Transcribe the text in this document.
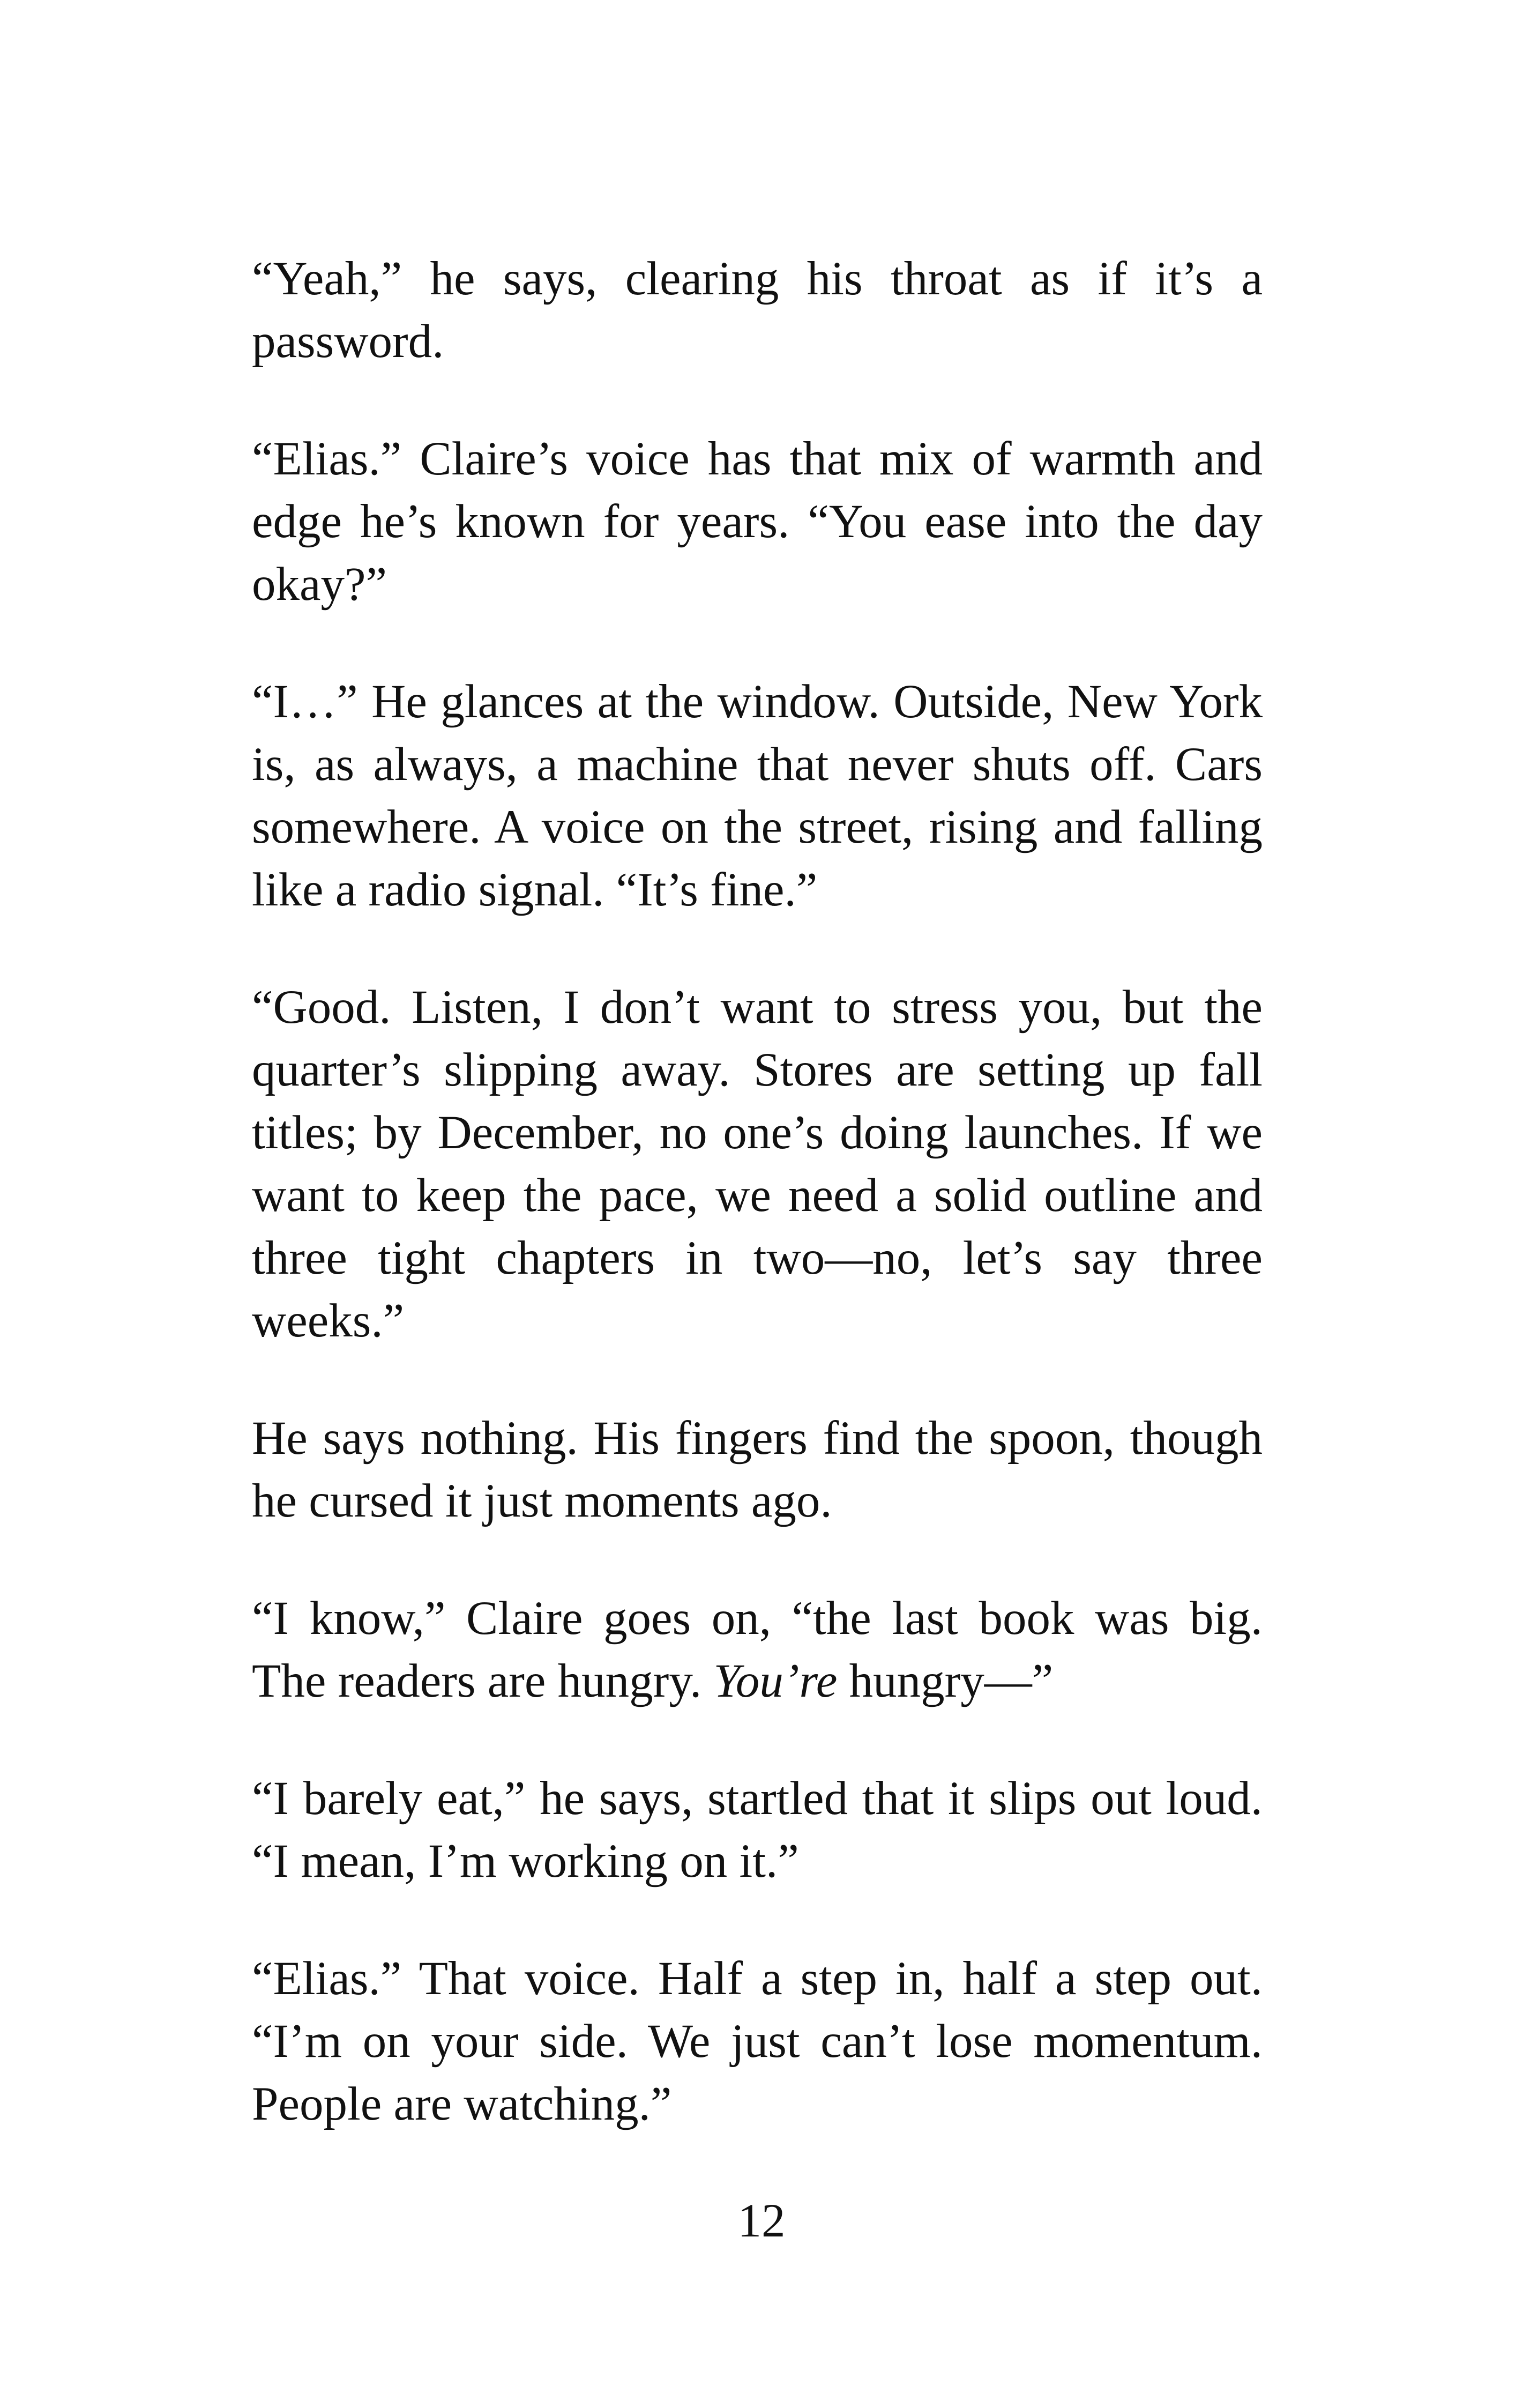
“Yeah,” he says, clearing his throat as if it’s a password.

“Elias.” Claire’s voice has that mix of warmth and edge he’s known for years. “You ease into the day okay?”

“I…” He glances at the window. Outside, New York is, as always, a machine that never shuts off. Cars somewhere. A voice on the street, rising and falling like a radio signal. “It’s fine.”

“Good. Listen, I don’t want to stress you, but the quarter’s slipping away. Stores are setting up fall titles; by December, no one’s doing launches. If we want to keep the pace, we need a solid outline and three tight chapters in two—no, let’s say three weeks.”

He says nothing. His fingers find the spoon, though he cursed it just moments ago.

“I know,” Claire goes on, “the last book was big. The readers are hungry. You’re hungry—”

“I barely eat,” he says, startled that it slips out loud. “I mean, I’m working on it.”

“Elias.” That voice. Half a step in, half a step out. “I’m on your side. We just can’t lose momentum. People are watching.”

12
